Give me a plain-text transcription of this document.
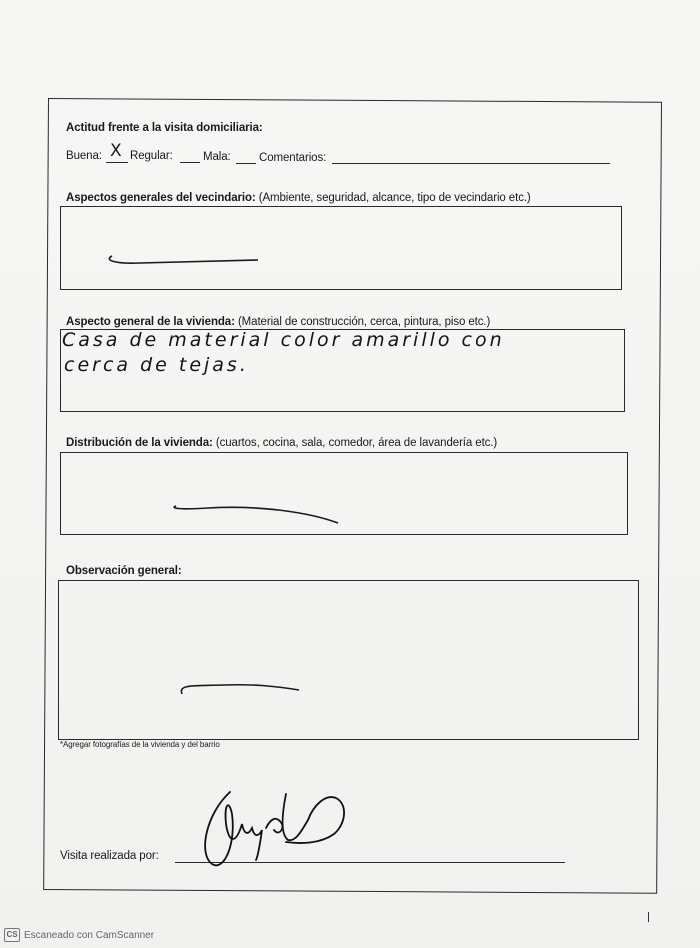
Actitud frente a la visita domiciliaria:
Buena: X Regular:	Mala: Comentarios:
Aspectos generales del vecindario: (Ambiente, seguridad, alcance, tipo de vecindario etc.)
Aspecto general de la vivienda: (Material de construcción, cerca, pintura, piso etc.)
Casa de material color amarillo con
cerca de tejas.
Distribución de la vivienda: (cuartos, cocina, sala, comedor, área de lavandería etc.)
Observación general:
*Agregar fotografías de la vivienda y del barrio
Visita realizada por:
CS Escaneado con CamScanner
